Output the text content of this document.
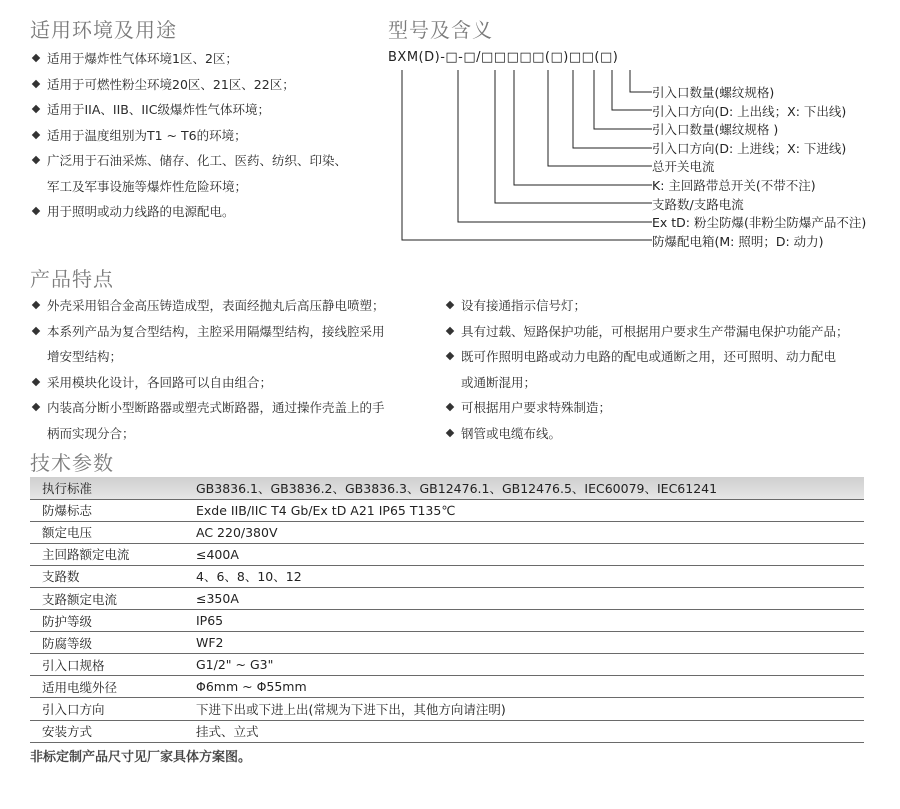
适用环境及用途
适用于爆炸性气体环境1区、2区；
适用于可燃性粉尘环境20区、21区、22区；
适用于IIA、IIB、IIC级爆炸性气体环境；
适用于温度组别为T1 ~ T6的环境；
广泛用于石油采炼、储存、化工、医药、纺织、印染、
军工及军事设施等爆炸性危险环境；
用于照明或动力线路的电源配电。
型号及含义
BXM(D)-□-□/□□□□□(□)□□(□)
引入口数量(螺纹规格)
引入口方向(D: 上出线；X: 下出线)
引入口数量(螺纹规格 )
引入口方向(D: 上进线；X: 下进线)
总开关电流
K: 主回路带总开关(不带不注)
支路数/支路电流
Ex tD: 粉尘防爆(非粉尘防爆产品不注)
防爆配电箱(M: 照明；D: 动力)
产品特点
外壳采用铝合金高压铸造成型，表面经抛丸后高压静电喷塑；
本系列产品为复合型结构，主腔采用隔爆型结构，接线腔采用
增安型结构；
采用模块化设计，各回路可以自由组合；
内装高分断小型断路器或塑壳式断路器，通过操作壳盖上的手
柄而实现分合；
设有接通指示信号灯；
具有过载、短路保护功能，可根据用户要求生产带漏电保护功能产品；
既可作照明电路或动力电路的配电或通断之用，还可照明、动力配电
或通断混用；
可根据用户要求特殊制造；
钢管或电缆布线。
技术参数
执行标准	GB3836.1、GB3836.2、GB3836.3、GB12476.1、GB12476.5、IEC60079、IEC61241
防爆标志	Exde IIB/IIC T4 Gb/Ex tD A21 IP65 T135℃
额定电压	AC 220/380V
主回路额定电流	≤400A
支路数	4、6、8、10、12
支路额定电流	≤350A
防护等级	IP65
防腐等级	WF2
引入口规格	G1/2" ~ G3"
适用电缆外径	Φ6mm ~ Φ55mm
引入口方向	下进下出或下进上出(常规为下进下出，其他方向请注明)
安装方式	挂式、立式
非标定制产品尺寸见厂家具体方案图。
